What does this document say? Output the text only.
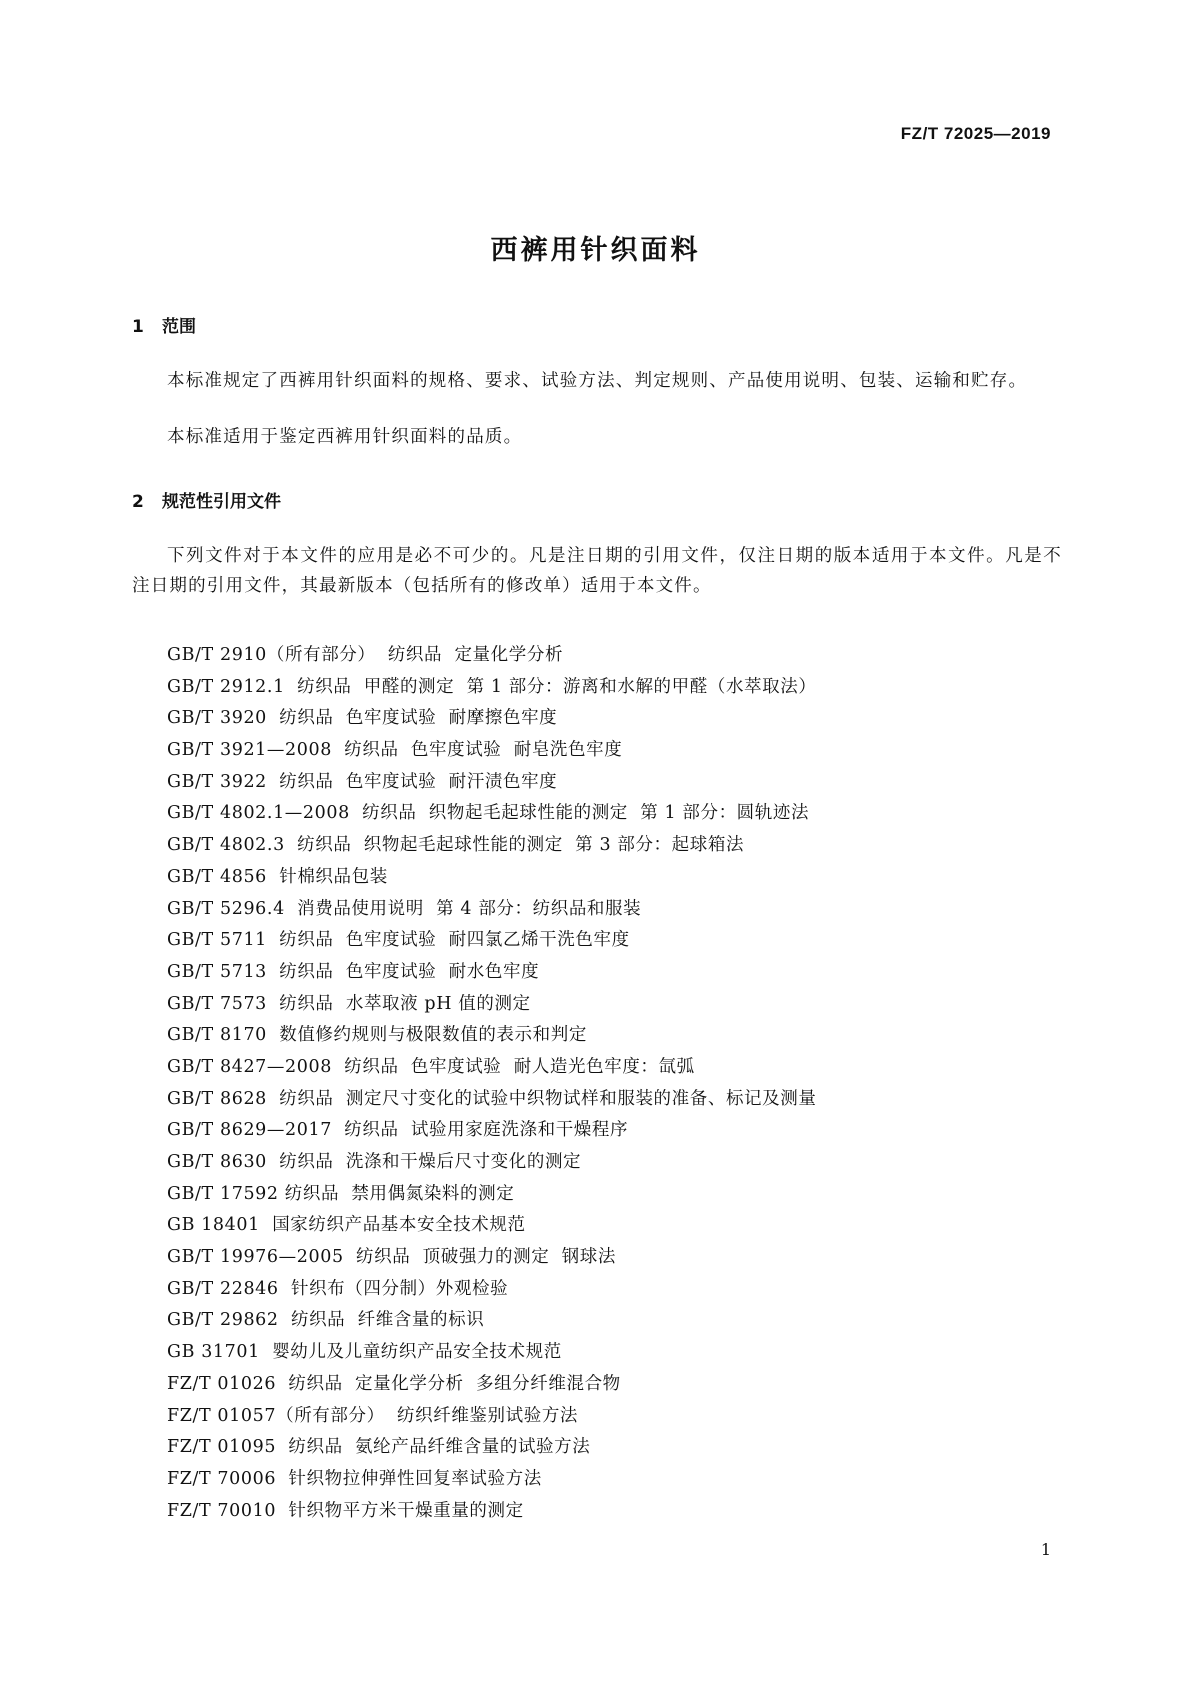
FZ/T 72025—2019
西裤用针织面料
1 范围
本标准规定了西裤用针织面料的规格、要求、试验方法、判定规则、产品使用说明、包装、运输和贮存。
本标准适用于鉴定西裤用针织面料的品质。
2 规范性引用文件
下列文件对于本文件的应用是必不可少的。凡是注日期的引用文件，仅注日期的版本适用于本文件。凡是不注日期的引用文件，其最新版本（包括所有的修改单）适用于本文件。
GB/T 2910（所有部分）  纺织品  定量化学分析
GB/T 2912.1  纺织品  甲醛的测定  第 1 部分：游离和水解的甲醛（水萃取法）
GB/T 3920  纺织品  色牢度试验  耐摩擦色牢度
GB/T 3921—2008  纺织品  色牢度试验  耐皂洗色牢度
GB/T 3922  纺织品  色牢度试验  耐汗渍色牢度
GB/T 4802.1—2008  纺织品  织物起毛起球性能的测定  第 1 部分：圆轨迹法
GB/T 4802.3  纺织品  织物起毛起球性能的测定  第 3 部分：起球箱法
GB/T 4856  针棉织品包装
GB/T 5296.4  消费品使用说明  第 4 部分：纺织品和服装
GB/T 5711  纺织品  色牢度试验  耐四氯乙烯干洗色牢度
GB/T 5713  纺织品  色牢度试验  耐水色牢度
GB/T 7573  纺织品  水萃取液 pH 值的测定
GB/T 8170  数值修约规则与极限数值的表示和判定
GB/T 8427—2008  纺织品  色牢度试验  耐人造光色牢度：氙弧
GB/T 8628  纺织品  测定尺寸变化的试验中织物试样和服装的准备、标记及测量
GB/T 8629—2017  纺织品  试验用家庭洗涤和干燥程序
GB/T 8630  纺织品  洗涤和干燥后尺寸变化的测定
GB/T 17592 纺织品  禁用偶氮染料的测定
GB 18401  国家纺织产品基本安全技术规范
GB/T 19976—2005  纺织品  顶破强力的测定  钢球法
GB/T 22846  针织布（四分制）外观检验
GB/T 29862  纺织品  纤维含量的标识
GB 31701  婴幼儿及儿童纺织产品安全技术规范
FZ/T 01026  纺织品  定量化学分析  多组分纤维混合物
FZ/T 01057（所有部分）  纺织纤维鉴别试验方法
FZ/T 01095  纺织品  氨纶产品纤维含量的试验方法
FZ/T 70006  针织物拉伸弹性回复率试验方法
FZ/T 70010  针织物平方米干燥重量的测定
1
